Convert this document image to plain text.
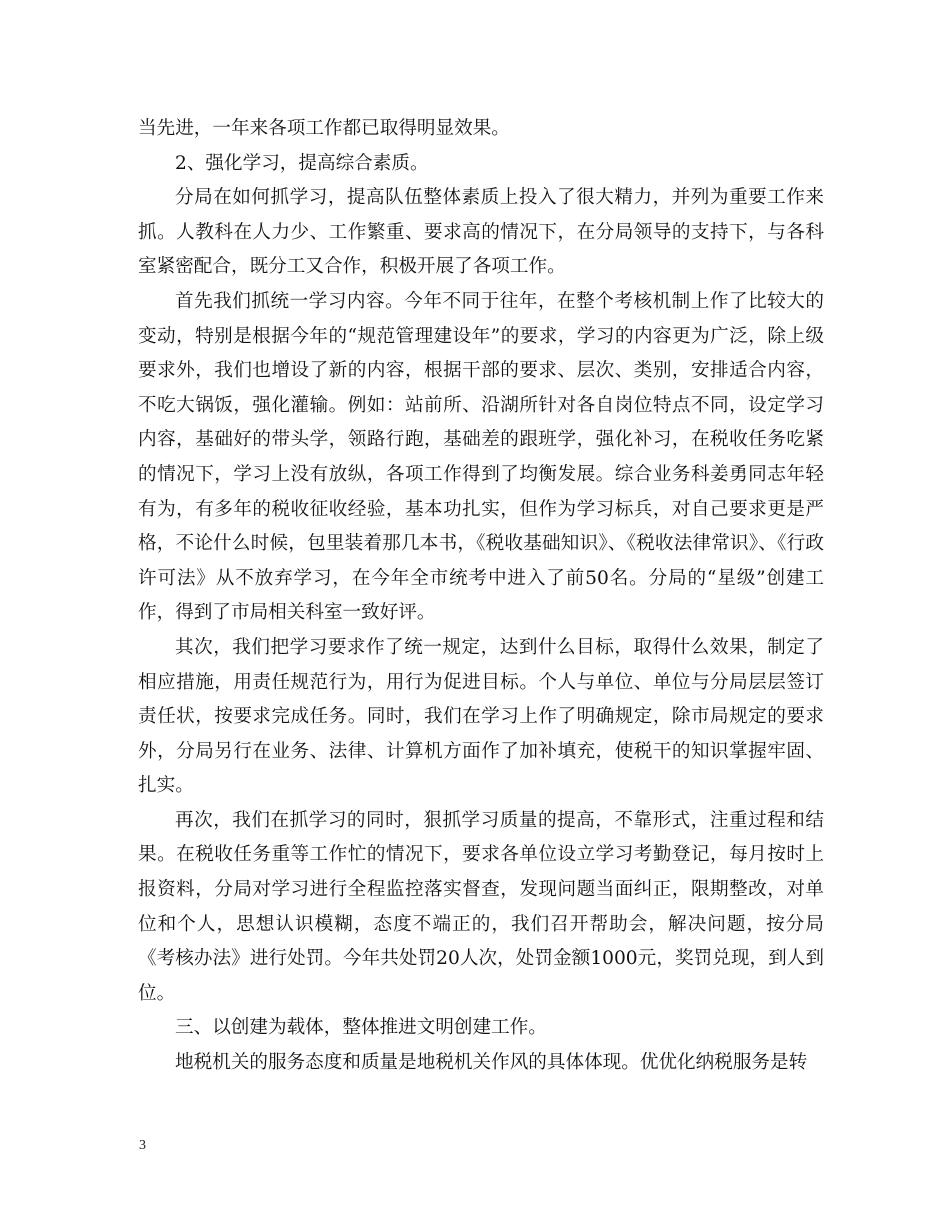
当先进，一年来各项工作都已取得明显效果。

2、强化学习，提高综合素质。

分局在如何抓学习，提高队伍整体素质上投入了很大精力，并列为重要工作来抓。人教科在人力少、工作繁重、要求高的情况下，在分局领导的支持下，与各科室紧密配合，既分工又合作，积极开展了各项工作。

首先我们抓统一学习内容。今年不同于往年，在整个考核机制上作了比较大的变动，特别是根据今年的“规范管理建设年”的要求，学习的内容更为广泛，除上级要求外，我们也增设了新的内容，根据干部的要求、层次、类别，安排适合内容，不吃大锅饭，强化灌输。例如：站前所、沿湖所针对各自岗位特点不同，设定学习内容，基础好的带头学，领路行跑，基础差的跟班学，强化补习，在税收任务吃紧的情况下，学习上没有放纵，各项工作得到了均衡发展。综合业务科姜勇同志年轻有为，有多年的税收征收经验，基本功扎实，但作为学习标兵，对自己要求更是严格，不论什么时候，包里装着那几本书，《税收基础知识》、《税收法律常识》、《行政许可法》从不放弃学习，在今年全市统考中进入了前50名。分局的“星级”创建工作，得到了市局相关科室一致好评。

其次，我们把学习要求作了统一规定，达到什么目标，取得什么效果，制定了相应措施，用责任规范行为，用行为促进目标。个人与单位、单位与分局层层签订责任状，按要求完成任务。同时，我们在学习上作了明确规定，除市局规定的要求外，分局另行在业务、法律、计算机方面作了加补填充，使税干的知识掌握牢固、扎实。

再次，我们在抓学习的同时，狠抓学习质量的提高，不靠形式，注重过程和结果。在税收任务重等工作忙的情况下，要求各单位设立学习考勤登记，每月按时上报资料，分局对学习进行全程监控落实督查，发现问题当面纠正，限期整改，对单位和个人，思想认识模糊，态度不端正的，我们召开帮助会，解决问题，按分局《考核办法》进行处罚。今年共处罚20人次，处罚金额1000元，奖罚兑现，到人到位。

三、以创建为载体，整体推进文明创建工作。

地税机关的服务态度和质量是地税机关作风的具体体现。优优化纳税服务是转

3
